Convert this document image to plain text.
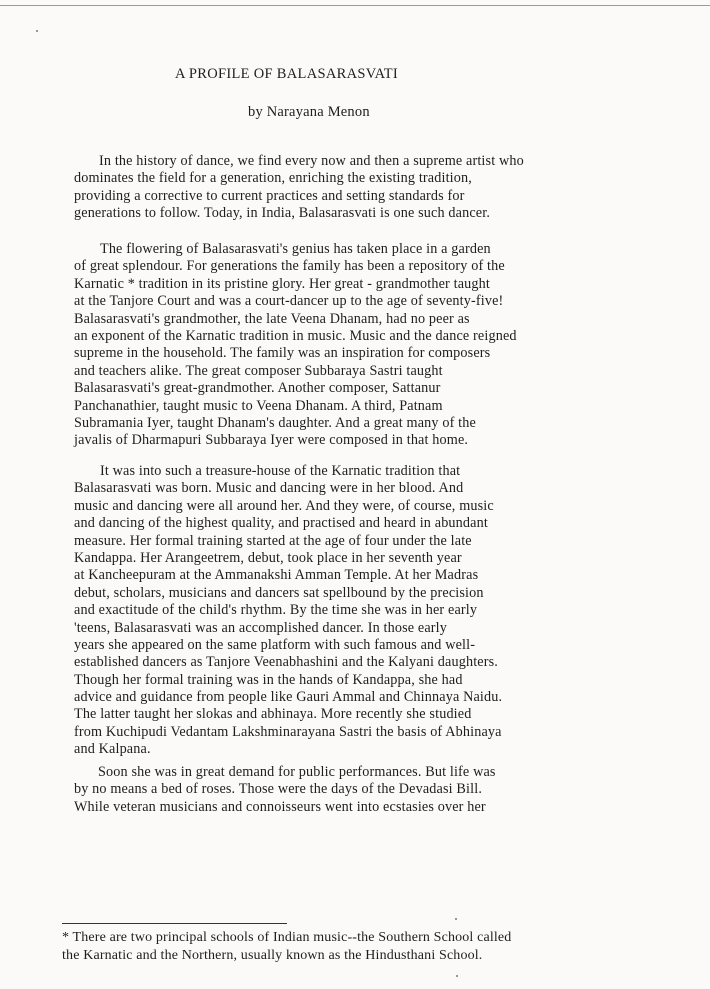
A PROFILE OF BALASARASVATI
by Narayana Menon
In the history of dance, we find every now and then a supreme artist who
dominates the field for a generation, enriching the existing tradition,
providing a corrective to current practices and setting standards for
generations to follow. Today, in India, Balasarasvati is one such dancer.
The flowering of Balasarasvati's genius has taken place in a garden
of great splendour. For generations the family has been a repository of the
Karnatic * tradition in its pristine glory. Her great - grandmother taught
at the Tanjore Court and was a court-dancer up to the age of seventy-five!
Balasarasvati's grandmother, the late Veena Dhanam, had no peer as
an exponent of the Karnatic tradition in music. Music and the dance reigned
supreme in the household. The family was an inspiration for composers
and teachers alike. The great composer Subbaraya Sastri taught
Balasarasvati's great-grandmother. Another composer, Sattanur
Panchanathier, taught music to Veena Dhanam. A third, Patnam
Subramania Iyer, taught Dhanam's daughter. And a great many of the
javalis of Dharmapuri Subbaraya Iyer were composed in that home.
It was into such a treasure-house of the Karnatic tradition that
Balasarasvati was born. Music and dancing were in her blood. And
music and dancing were all around her. And they were, of course, music
and dancing of the highest quality, and practised and heard in abundant
measure. Her formal training started at the age of four under the late
Kandappa. Her Arangeetrem, debut, took place in her seventh year
at Kancheepuram at the Ammanakshi Amman Temple. At her Madras
debut, scholars, musicians and dancers sat spellbound by the precision
and exactitude of the child's rhythm. By the time she was in her early
'teens, Balasarasvati was an accomplished dancer. In those early
years she appeared on the same platform with such famous and well-
established dancers as Tanjore Veenabhashini and the Kalyani daughters.
Though her formal training was in the hands of Kandappa, she had
advice and guidance from people like Gauri Ammal and Chinnaya Naidu.
The latter taught her slokas and abhinaya. More recently she studied
from Kuchipudi Vedantam Lakshminarayana Sastri the basis of Abhinaya
and Kalpana.
Soon she was in great demand for public performances. But life was
by no means a bed of roses. Those were the days of the Devadasi Bill.
While veteran musicians and connoisseurs went into ecstasies over her
* There are two principal schools of Indian music--the Southern School called
the Karnatic and the Northern, usually known as the Hindusthani School.
